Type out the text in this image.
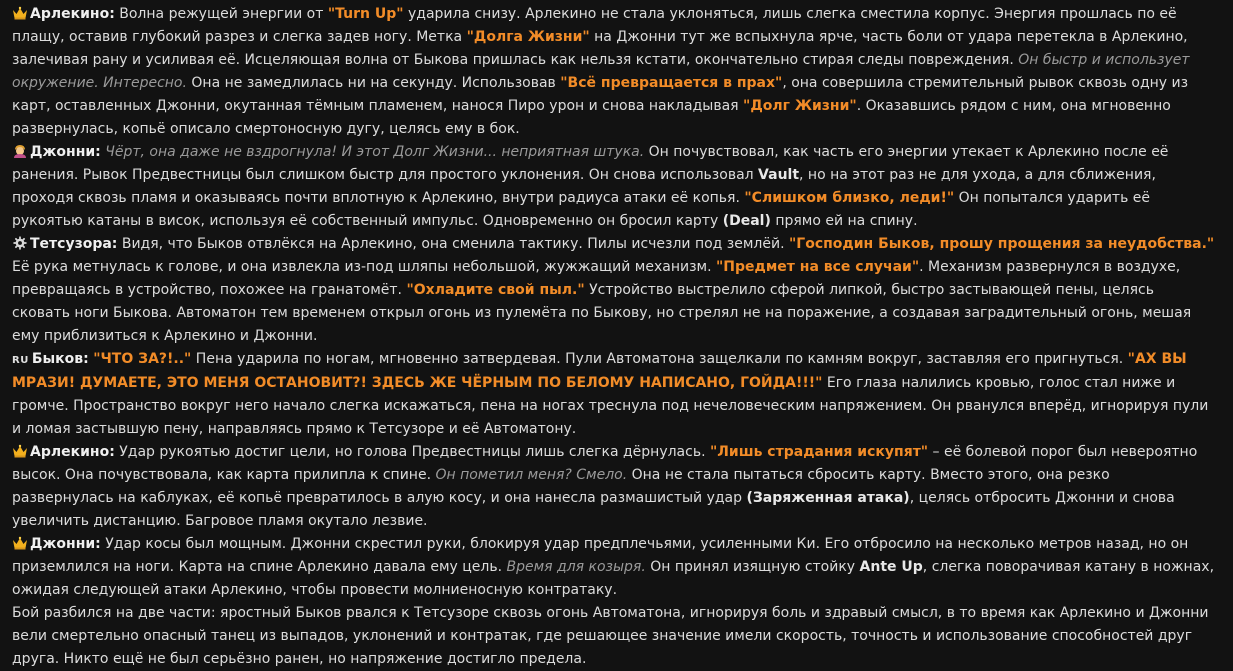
Арлекино: Волна режущей энергии от "Turn Up" ударила снизу. Арлекино не стала уклоняться, лишь слегка сместила корпус. Энергия прошлась по её плащу, оставив глубокий разрез и слегка задев ногу. Метка "Долга Жизни" на Джонни тут же вспыхнула ярче, часть боли от удара перетекла в Арлекино, залечивая рану и усиливая её. Исцеляющая волна от Быкова пришлась как нельзя кстати, окончательно стирая следы повреждения. Он быстр и использует окружение. Интересно. Она не замедлилась ни на секунду. Использовав "Всё превращается в прах", она совершила стремительный рывок сквозь одну из карт, оставленных Джонни, окутанная тёмным пламенем, нанося Пиро урон и снова накладывая "Долг Жизни". Оказавшись рядом с ним, она мгновенно развернулась, копьё описало смертоносную дугу, целясь ему в бок.

Джонни: Чёрт, она даже не вздрогнула! И этот Долг Жизни... неприятная штука. Он почувствовал, как часть его энергии утекает к Арлекино после её ранения. Рывок Предвестницы был слишком быстр для простого уклонения. Он снова использовал Vault, но на этот раз не для ухода, а для сближения, проходя сквозь пламя и оказываясь почти вплотную к Арлекино, внутри радиуса атаки её копья. "Слишком близко, леди!" Он попытался ударить её рукоятью катаны в висок, используя её собственный импульс. Одновременно он бросил карту (Deal) прямо ей на спину.

Тетсузора: Видя, что Быков отвлёкся на Арлекино, она сменила тактику. Пилы исчезли под землёй. "Господин Быков, прошу прощения за неудобства." Её рука метнулась к голове, и она извлекла из-под шляпы небольшой, жужжащий механизм. "Предмет на все случаи". Механизм развернулся в воздухе, превращаясь в устройство, похожее на гранатомёт. "Охладите свой пыл." Устройство выстрелило сферой липкой, быстро застывающей пены, целясь сковать ноги Быкова. Автоматон тем временем открыл огонь из пулемёта по Быкову, но стрелял не на поражение, а создавая заградительный огонь, мешая ему приблизиться к Арлекино и Джонни.

RU Быков: "ЧТО ЗА?!.." Пена ударила по ногам, мгновенно затвердевая. Пули Автоматона защелкали по камням вокруг, заставляя его пригнуться. "АХ ВЫ МРАЗИ! ДУМАЕТЕ, ЭТО МЕНЯ ОСТАНОВИТ?! ЗДЕСЬ ЖЕ ЧЁРНЫМ ПО БЕЛОМУ НАПИСАНО, ГОЙДА!!!" Его глаза налились кровью, голос стал ниже и громче. Пространство вокруг него начало слегка искажаться, пена на ногах треснула под нечеловеческим напряжением. Он рванулся вперёд, игнорируя пули и ломая застывшую пену, направляясь прямо к Тетсузоре и её Автоматону.

Арлекино: Удар рукоятью достиг цели, но голова Предвестницы лишь слегка дёрнулась. "Лишь страдания искупят" – её болевой порог был невероятно высок. Она почувствовала, как карта прилипла к спине. Он пометил меня? Смело. Она не стала пытаться сбросить карту. Вместо этого, она резко развернулась на каблуках, её копьё превратилось в алую косу, и она нанесла размашистый удар (Заряженная атака), целясь отбросить Джонни и снова увеличить дистанцию. Багровое пламя окутало лезвие.

Джонни: Удар косы был мощным. Джонни скрестил руки, блокируя удар предплечьями, усиленными Ки. Его отбросило на несколько метров назад, но он приземлился на ноги. Карта на спине Арлекино давала ему цель. Время для козыря. Он принял изящную стойку Ante Up, слегка поворачивая катану в ножнах, ожидая следующей атаки Арлекино, чтобы провести молниеносную контратаку.

Бой разбился на две части: яростный Быков рвался к Тетсузоре сквозь огонь Автоматона, игнорируя боль и здравый смысл, в то время как Арлекино и Джонни вели смертельно опасный танец из выпадов, уклонений и контратак, где решающее значение имели скорость, точность и использование способностей друг друга. Никто ещё не был серьёзно ранен, но напряжение достигло предела.
